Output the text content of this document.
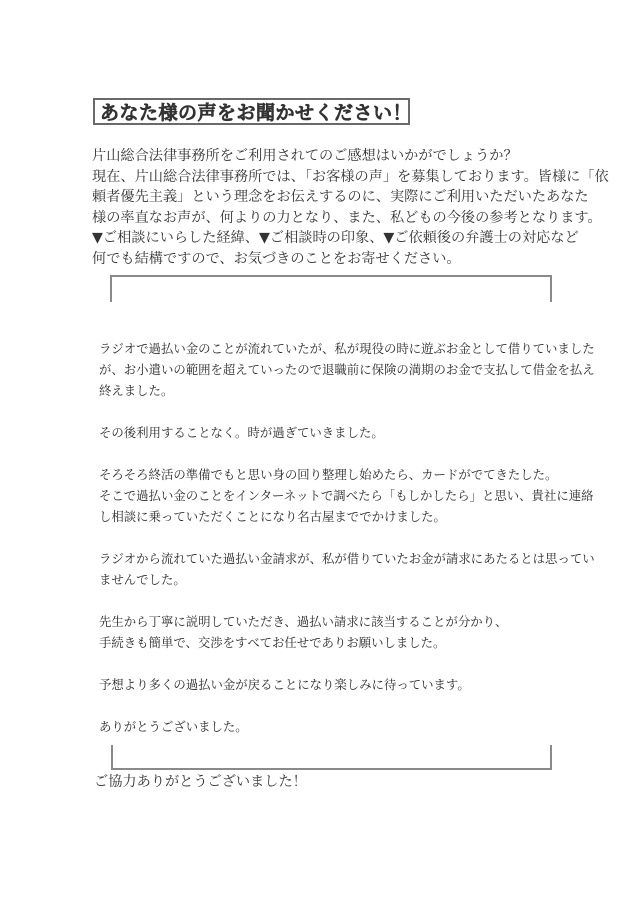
あなた様の声をお聞かせください！
片山総合法律事務所をご利用されてのご感想はいかがでしょうか？
現在、片山総合法律事務所では、「お客様の声」を募集しております。皆様に「依
頼者優先主義」という理念をお伝えするのに、実際にご利用いただいたあなた
様の率直なお声が、何よりの力となり、また、私どもの今後の参考となります。
▼ご相談にいらした経緯、▼ご相談時の印象、▼ご依頼後の弁護士の対応など
何でも結構ですので、お気づきのことをお寄せください。
ラジオで過払い金のことが流れていたが、私が現役の時に遊ぶお金として借りていました
が、お小遣いの範囲を超えていったので退職前に保険の満期のお金で支払して借金を払え
終えました。
その後利用することなく。時が過ぎていきました。
そろそろ終活の準備でもと思い身の回り整理し始めたら、カードがでてきたした。
そこで過払い金のことをインターネットで調べたら「もしかしたら」と思い、貴社に連絡
し相談に乗っていただくことになり名古屋まででかけました。
ラジオから流れていた過払い金請求が、私が借りていたお金が請求にあたるとは思ってい
ませんでした。
先生から丁寧に説明していただき、過払い請求に該当することが分かり、
手続きも簡単で、交渉をすべてお任せでありお願いしました。
予想より多くの過払い金が戻ることになり楽しみに待っています。
ありがとうございました。
ご協力ありがとうございました！
